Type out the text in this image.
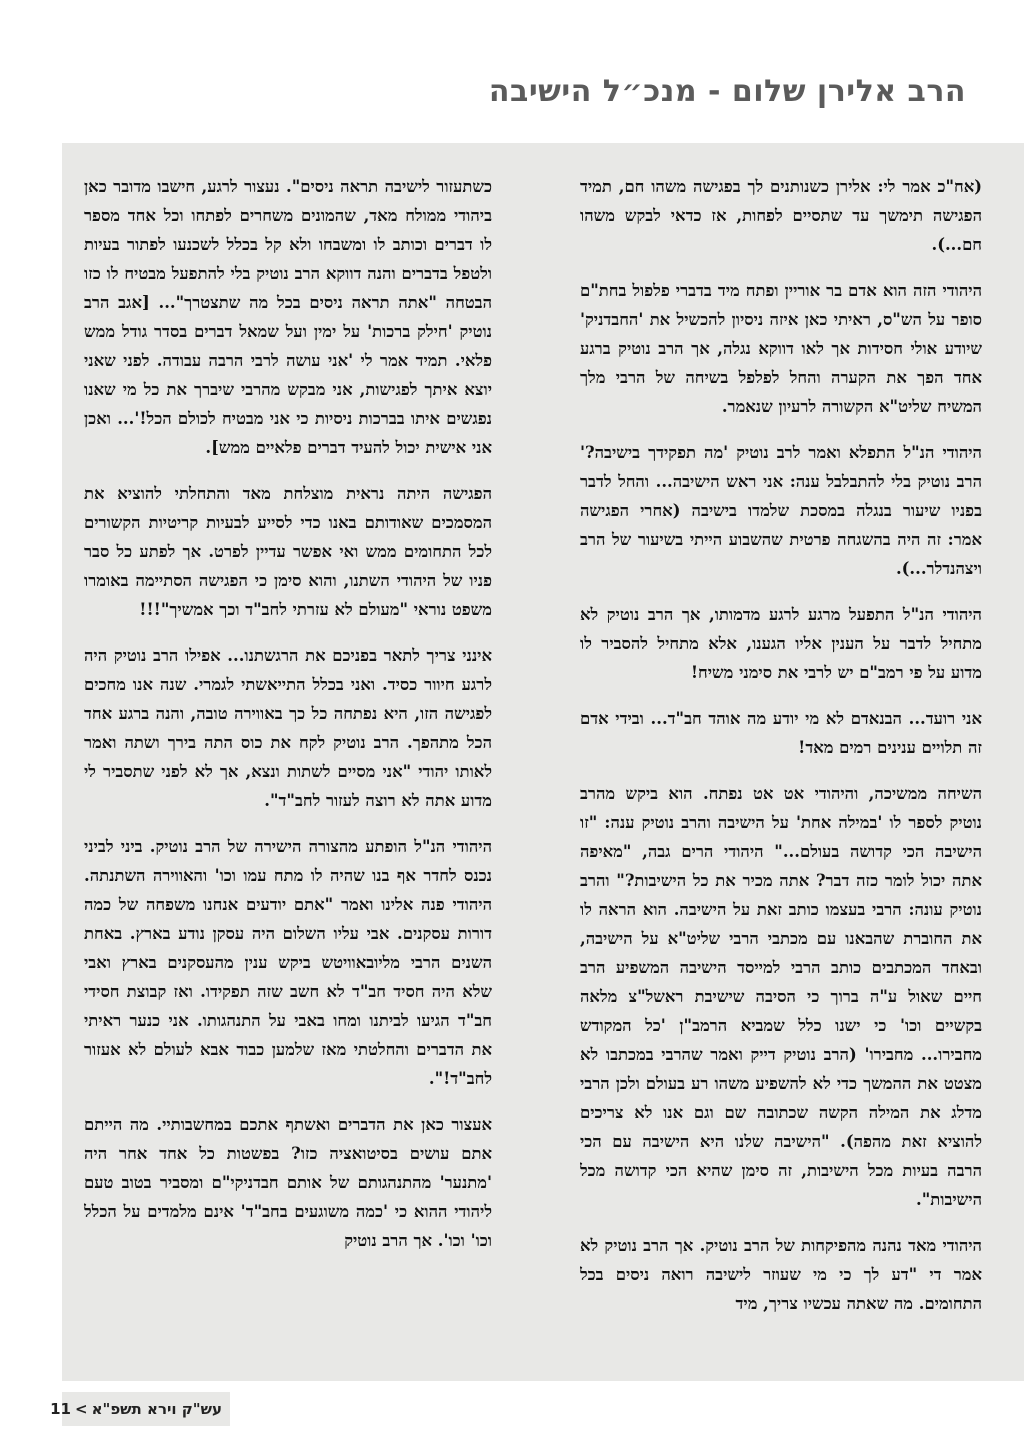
הרב אלירן שלום - מנכ״ל הישיבה

(אח"כ אמר לי: אלירן כשנותנים לך בפגישה משהו חם, תמיד הפגישה תימשך עד שתסיים לפחות, אז כדאי לבקש משהו חם...).

היהודי הזה הוא אדם בר אוריין ופתח מיד בדברי פלפול בחת"ם סופר על הש"ס, ראיתי כאן איזה ניסיון להכשיל את 'החבדניק' שיודע אולי חסידות אך לאו דווקא נגלה, אך הרב נוטיק ברגע אחד הפך את הקערה והחל לפלפל בשיחה של הרבי מלך המשיח שליט"א הקשורה לרעיון שנאמר.

היהודי הנ"ל התפלא ואמר לרב נוטיק 'מה תפקידך בישיבה?' הרב נוטיק בלי להתבלבל ענה: אני ראש הישיבה... והחל לדבר בפניו שיעור בנגלה במסכת שלמדו בישיבה (אחרי הפגישה אמר: זה היה בהשגחה פרטית שהשבוע הייתי בשיעור של הרב ויצהנדלר...).

היהודי הנ"ל התפעל מרגע לרגע מדמותו, אך הרב נוטיק לא מתחיל לדבר על הענין אליו הגענו, אלא מתחיל להסביר לו מדוע על פי רמב"ם יש לרבי את סימני משיח!

אני רועד... הבנאדם לא מי יודע מה אוהד חב"ד... ובידי אדם זה תלויים ענינים רמים מאד!

השיחה ממשיכה, והיהודי אט אט נפתח. הוא ביקש מהרב נוטיק לספר לו 'במילה אחת' על הישיבה והרב נוטיק ענה: "זו הישיבה הכי קדושה בעולם..." היהודי הרים גבה, "מאיפה אתה יכול לומר כזה דבר? אתה מכיר את כל הישיבות?" והרב נוטיק עונה: הרבי בעצמו כותב זאת על הישיבה. הוא הראה לו את החוברת שהבאנו עם מכתבי הרבי שליט"א על הישיבה, ובאחד המכתבים כותב הרבי למייסד הישיבה המשפיע הרב חיים שאול ע"ה ברוך כי הסיבה שישיבת ראשל"צ מלאה בקשיים וכו' כי ישנו כלל שמביא הרמב"ן 'כל המקודש מחבירו... מחבירו' (הרב נוטיק דייק ואמר שהרבי במכתבו לא מצטט את ההמשך כדי לא להשפיע משהו רע בעולם ולכן הרבי מדלג את המילה הקשה שכתובה שם וגם אנו לא צריכים להוציא זאת מהפה). "הישיבה שלנו היא הישיבה עם הכי הרבה בעיות מכל הישיבות, זה סימן שהיא הכי קדושה מכל הישיבות".

היהודי מאד נהנה מהפיקחות של הרב נוטיק. אך הרב נוטיק לא אמר די "דע לך כי מי שעוזר לישיבה רואה ניסים בכל התחומים. מה שאתה עכשיו צריך, מיד

כשתעזור לישיבה תראה ניסים". נעצור לרגע, חישבו מדובר כאן ביהודי ממולח מאד, שהמונים משחרים לפתחו וכל אחד מספר לו דברים וכותב לו ומשבחו ולא קל בכלל לשכנעו לפתור בעיות ולטפל בדברים והנה דווקא הרב נוטיק בלי להתפעל מבטיח לו כזו הבטחה "אתה תראה ניסים בכל מה שתצטרך"... [אגב הרב נוטיק 'חילק ברכות' על ימין ועל שמאל דברים בסדר גודל ממש פלאי. תמיד אמר לי 'אני עושה לרבי הרבה עבודה. לפני שאני יוצא איתך לפגישות, אני מבקש מהרבי שיברך את כל מי שאנו נפגשים איתו בברכות ניסיות כי אני מבטיח לכולם הכל!'... ואכן אני אישית יכול להעיד דברים פלאיים ממש].

הפגישה היתה נראית מוצלחת מאד והתחלתי להוציא את המסמכים שאודותם באנו כדי לסייע לבעיות קריטיות הקשורים לכל התחומים ממש ואי אפשר עדיין לפרט. אך לפתע כל סבר פניו של היהודי השתנו, והוא סימן כי הפגישה הסתיימה באומרו משפט נוראי "מעולם לא עזרתי לחב"ד וכך אמשיך"!!!

אינני צריך לתאר בפניכם את הרגשתנו... אפילו הרב נוטיק היה לרגע חיוור כסיד. ואני בכלל התייאשתי לגמרי. שנה אנו מחכים לפגישה הזו, היא נפתחה כל כך באווירה טובה, והנה ברגע אחד הכל מתהפך. הרב נוטיק לקח את כוס התה בירך ושתה ואמר לאותו יהודי "אני מסיים לשתות ונצא, אך לא לפני שתסביר לי מדוע אתה לא רוצה לעזור לחב"ד".

היהודי הנ"ל הופתע מהצורה הישירה של הרב נוטיק. ביני לביני נכנס לחדר אף בנו שהיה לו מתח עמו וכו' והאווירה השתנתה. היהודי פנה אלינו ואמר "אתם יודעים אנחנו משפחה של כמה דורות עסקנים. אבי עליו השלום היה עסקן נודע בארץ. באחת השנים הרבי מליובאוויטש ביקש ענין מהעסקנים בארץ ואבי שלא היה חסיד חב"ד לא חשב שזה תפקידו. ואז קבוצת חסידי חב"ד הגיעו לביתנו ומחו באבי על התנהגותו. אני כנער ראיתי את הדברים והחלטתי מאז שלמען כבוד אבא לעולם לא אעזור לחב"ד!".

אעצור כאן את הדברים ואשתף אתכם במחשבותיי. מה הייתם אתם עושים בסיטואציה כזו? בפשטות כל אחד אחר היה 'מתנער' מהתנהגותם של אותם חבדניקי"ם ומסביר בטוב טעם ליהודי ההוא כי 'כמה משוגעים בחב"ד' אינם מלמדים על הכלל וכו' וכו'. אך הרב נוטיק

עש"ק וירא תשפ"א
>
11
